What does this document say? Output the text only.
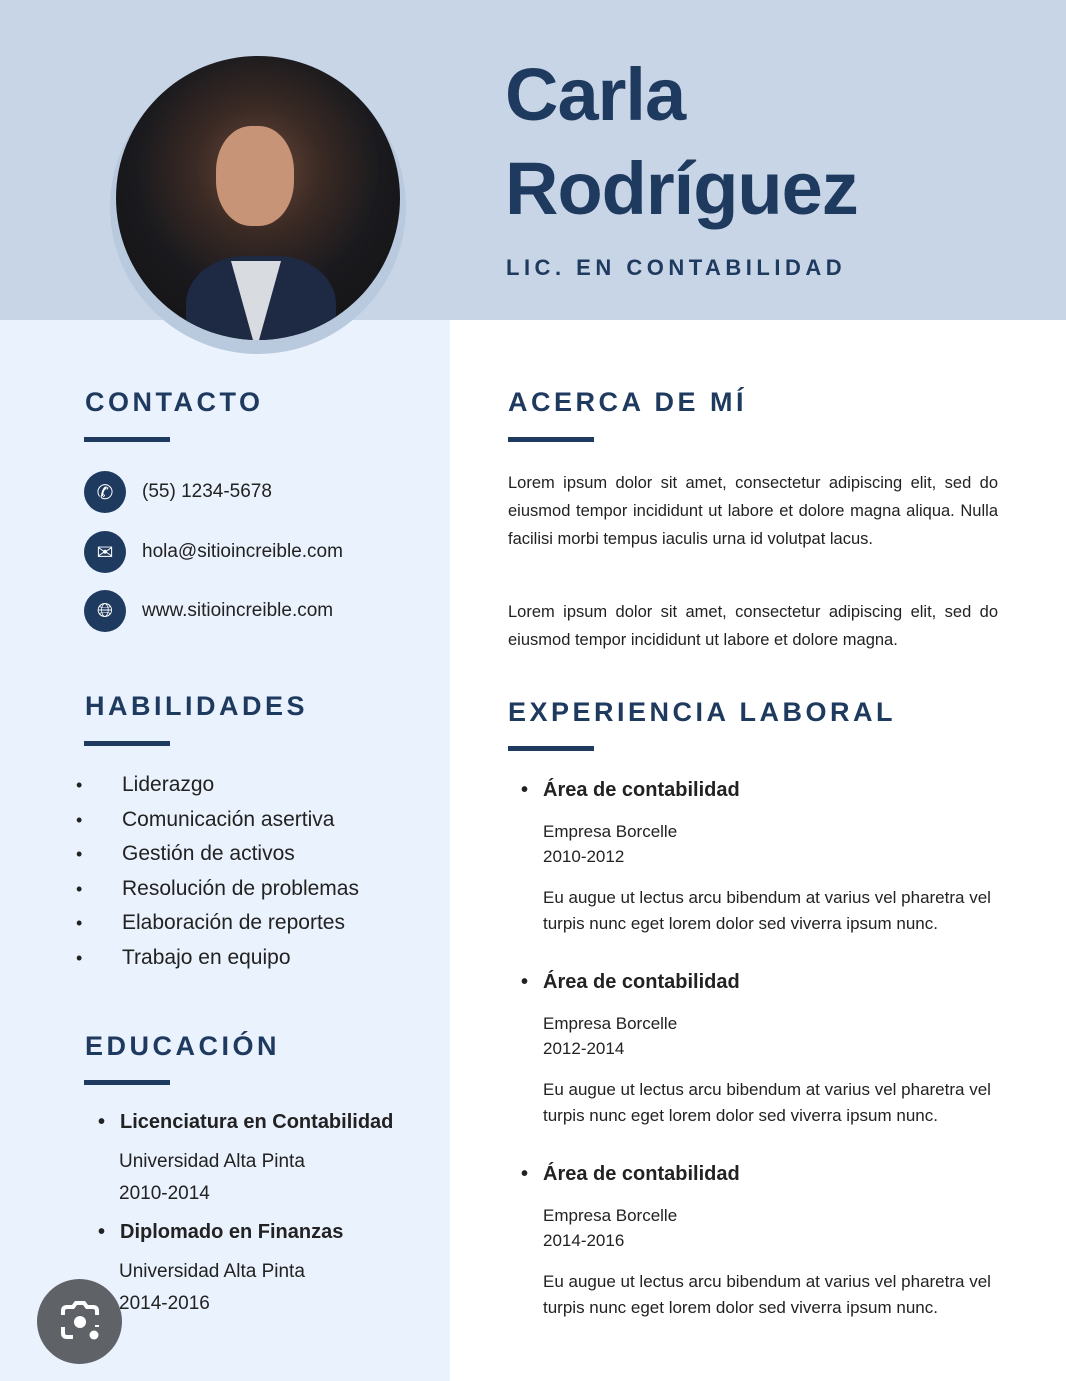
Carla
Rodríguez
LIC. EN CONTABILIDAD
CONTACTO
✆	(55) 1234-5678
✉	hola@sitioincreible.com
🌐︎	www.sitioincreible.com
HABILIDADES
• Liderazgo
• Comunicación asertiva
• Gestión de activos
• Resolución de problemas
• Elaboración de reportes
• Trabajo en equipo
EDUCACIÓN
• Licenciatura en Contabilidad
Universidad Alta Pinta
2010-2014
• Diplomado en Finanzas
Universidad Alta Pinta
2014-2016
ACERCA DE MÍ

Lorem ipsum dolor sit amet, consectetur adipiscing elit, sed do eiusmod tempor incididunt ut labore et dolore magna aliqua. Nulla facilisi morbi tempus iaculis urna id volutpat lacus.

Lorem ipsum dolor sit amet, consectetur adipiscing elit, sed do eiusmod tempor incididunt ut labore et dolore magna.

EXPERIENCIA LABORAL
• Área de contabilidad
Empresa Borcelle
2010-2012

Eu augue ut lectus arcu bibendum at varius vel pharetra vel turpis nunc eget lorem dolor sed viverra ipsum nunc.

• Área de contabilidad
Empresa Borcelle
2012-2014

Eu augue ut lectus arcu bibendum at varius vel pharetra vel turpis nunc eget lorem dolor sed viverra ipsum nunc.

• Área de contabilidad
Empresa Borcelle
2014-2016

Eu augue ut lectus arcu bibendum at varius vel pharetra vel turpis nunc eget lorem dolor sed viverra ipsum nunc.
